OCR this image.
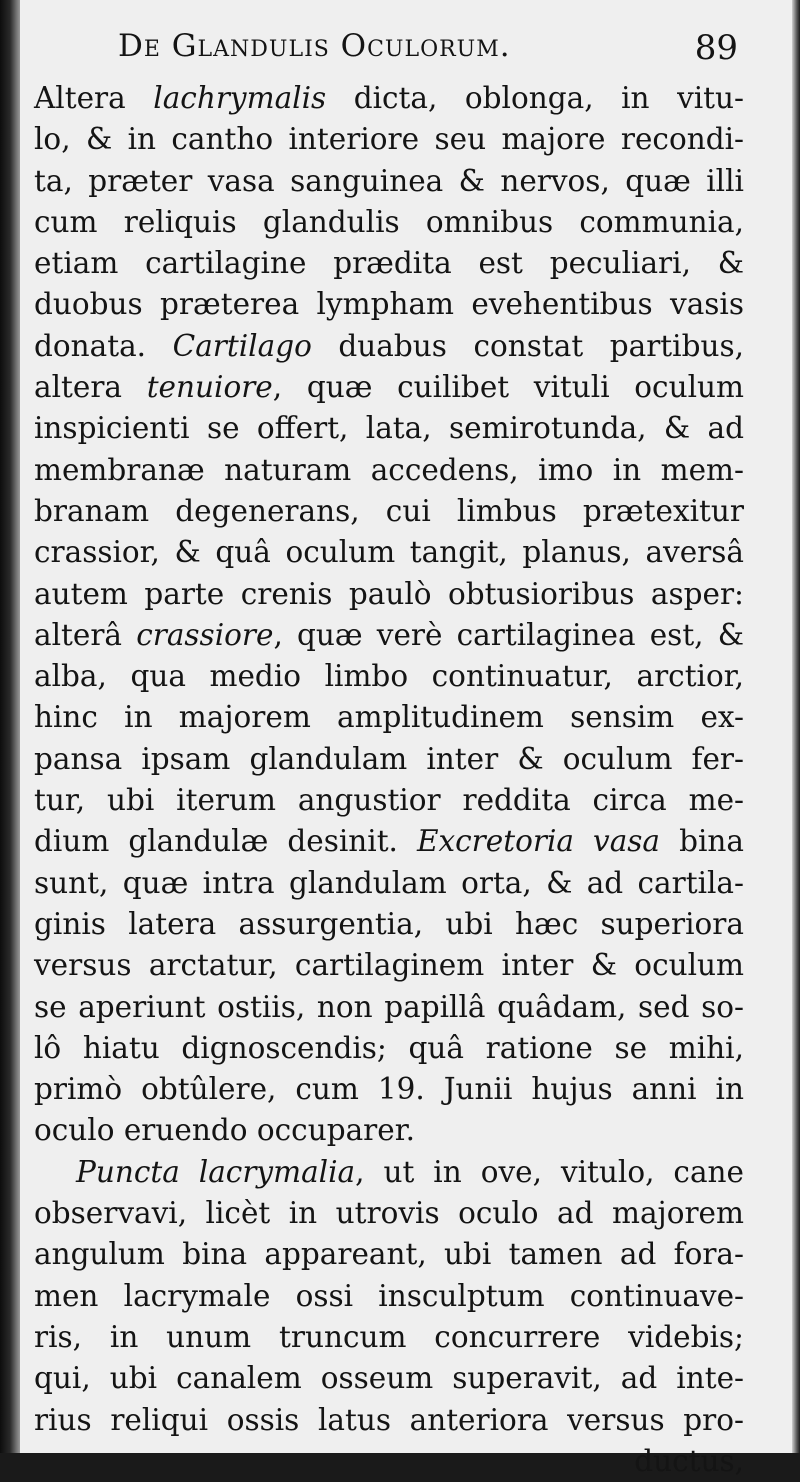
De Glandulis Oculorum.	89
Altera lachrymalis dicta, oblonga, in vitu-
lo, & in cantho interiore seu majore recondi-
ta, præter vasa sanguinea & nervos, quæ illi
cum reliquis glandulis omnibus communia,
etiam cartilagine prædita est peculiari, &
duobus præterea lympham evehentibus vasis
donata. Cartilago duabus constat partibus,
altera tenuiore, quæ cuilibet vituli oculum
inspicienti se offert, lata, semirotunda, & ad
membranæ naturam accedens, imo in mem-
branam degenerans, cui limbus prætexitur
crassior, & quâ oculum tangit, planus, aversâ
autem parte crenis paulò obtusioribus asper:
alterâ crassiore, quæ verè cartilaginea est, &
alba, qua medio limbo continuatur, arctior,
hinc in majorem amplitudinem sensim ex-
pansa ipsam glandulam inter & oculum fer-
tur, ubi iterum angustior reddita circa me-
dium glandulæ desinit. Excretoria vasa bina
sunt, quæ intra glandulam orta, & ad cartila-
ginis latera assurgentia, ubi hæc superiora
versus arctatur, cartilaginem inter & oculum
se aperiunt ostiis, non papillâ quâdam, sed so-
lô hiatu dignoscendis; quâ ratione se mihi,
primò obtûlere, cum 19. Junii hujus anni in
oculo eruendo occuparer.
Puncta lacrymalia, ut in ove, vitulo, cane
observavi, licèt in utrovis oculo ad majorem
angulum bina appareant, ubi tamen ad fora-
men lacrymale ossi insculptum continuave-
ris, in unum truncum concurrere videbis;
qui, ubi canalem osseum superavit, ad inte-
rius reliqui ossis latus anteriora versus pro-
ductus,
